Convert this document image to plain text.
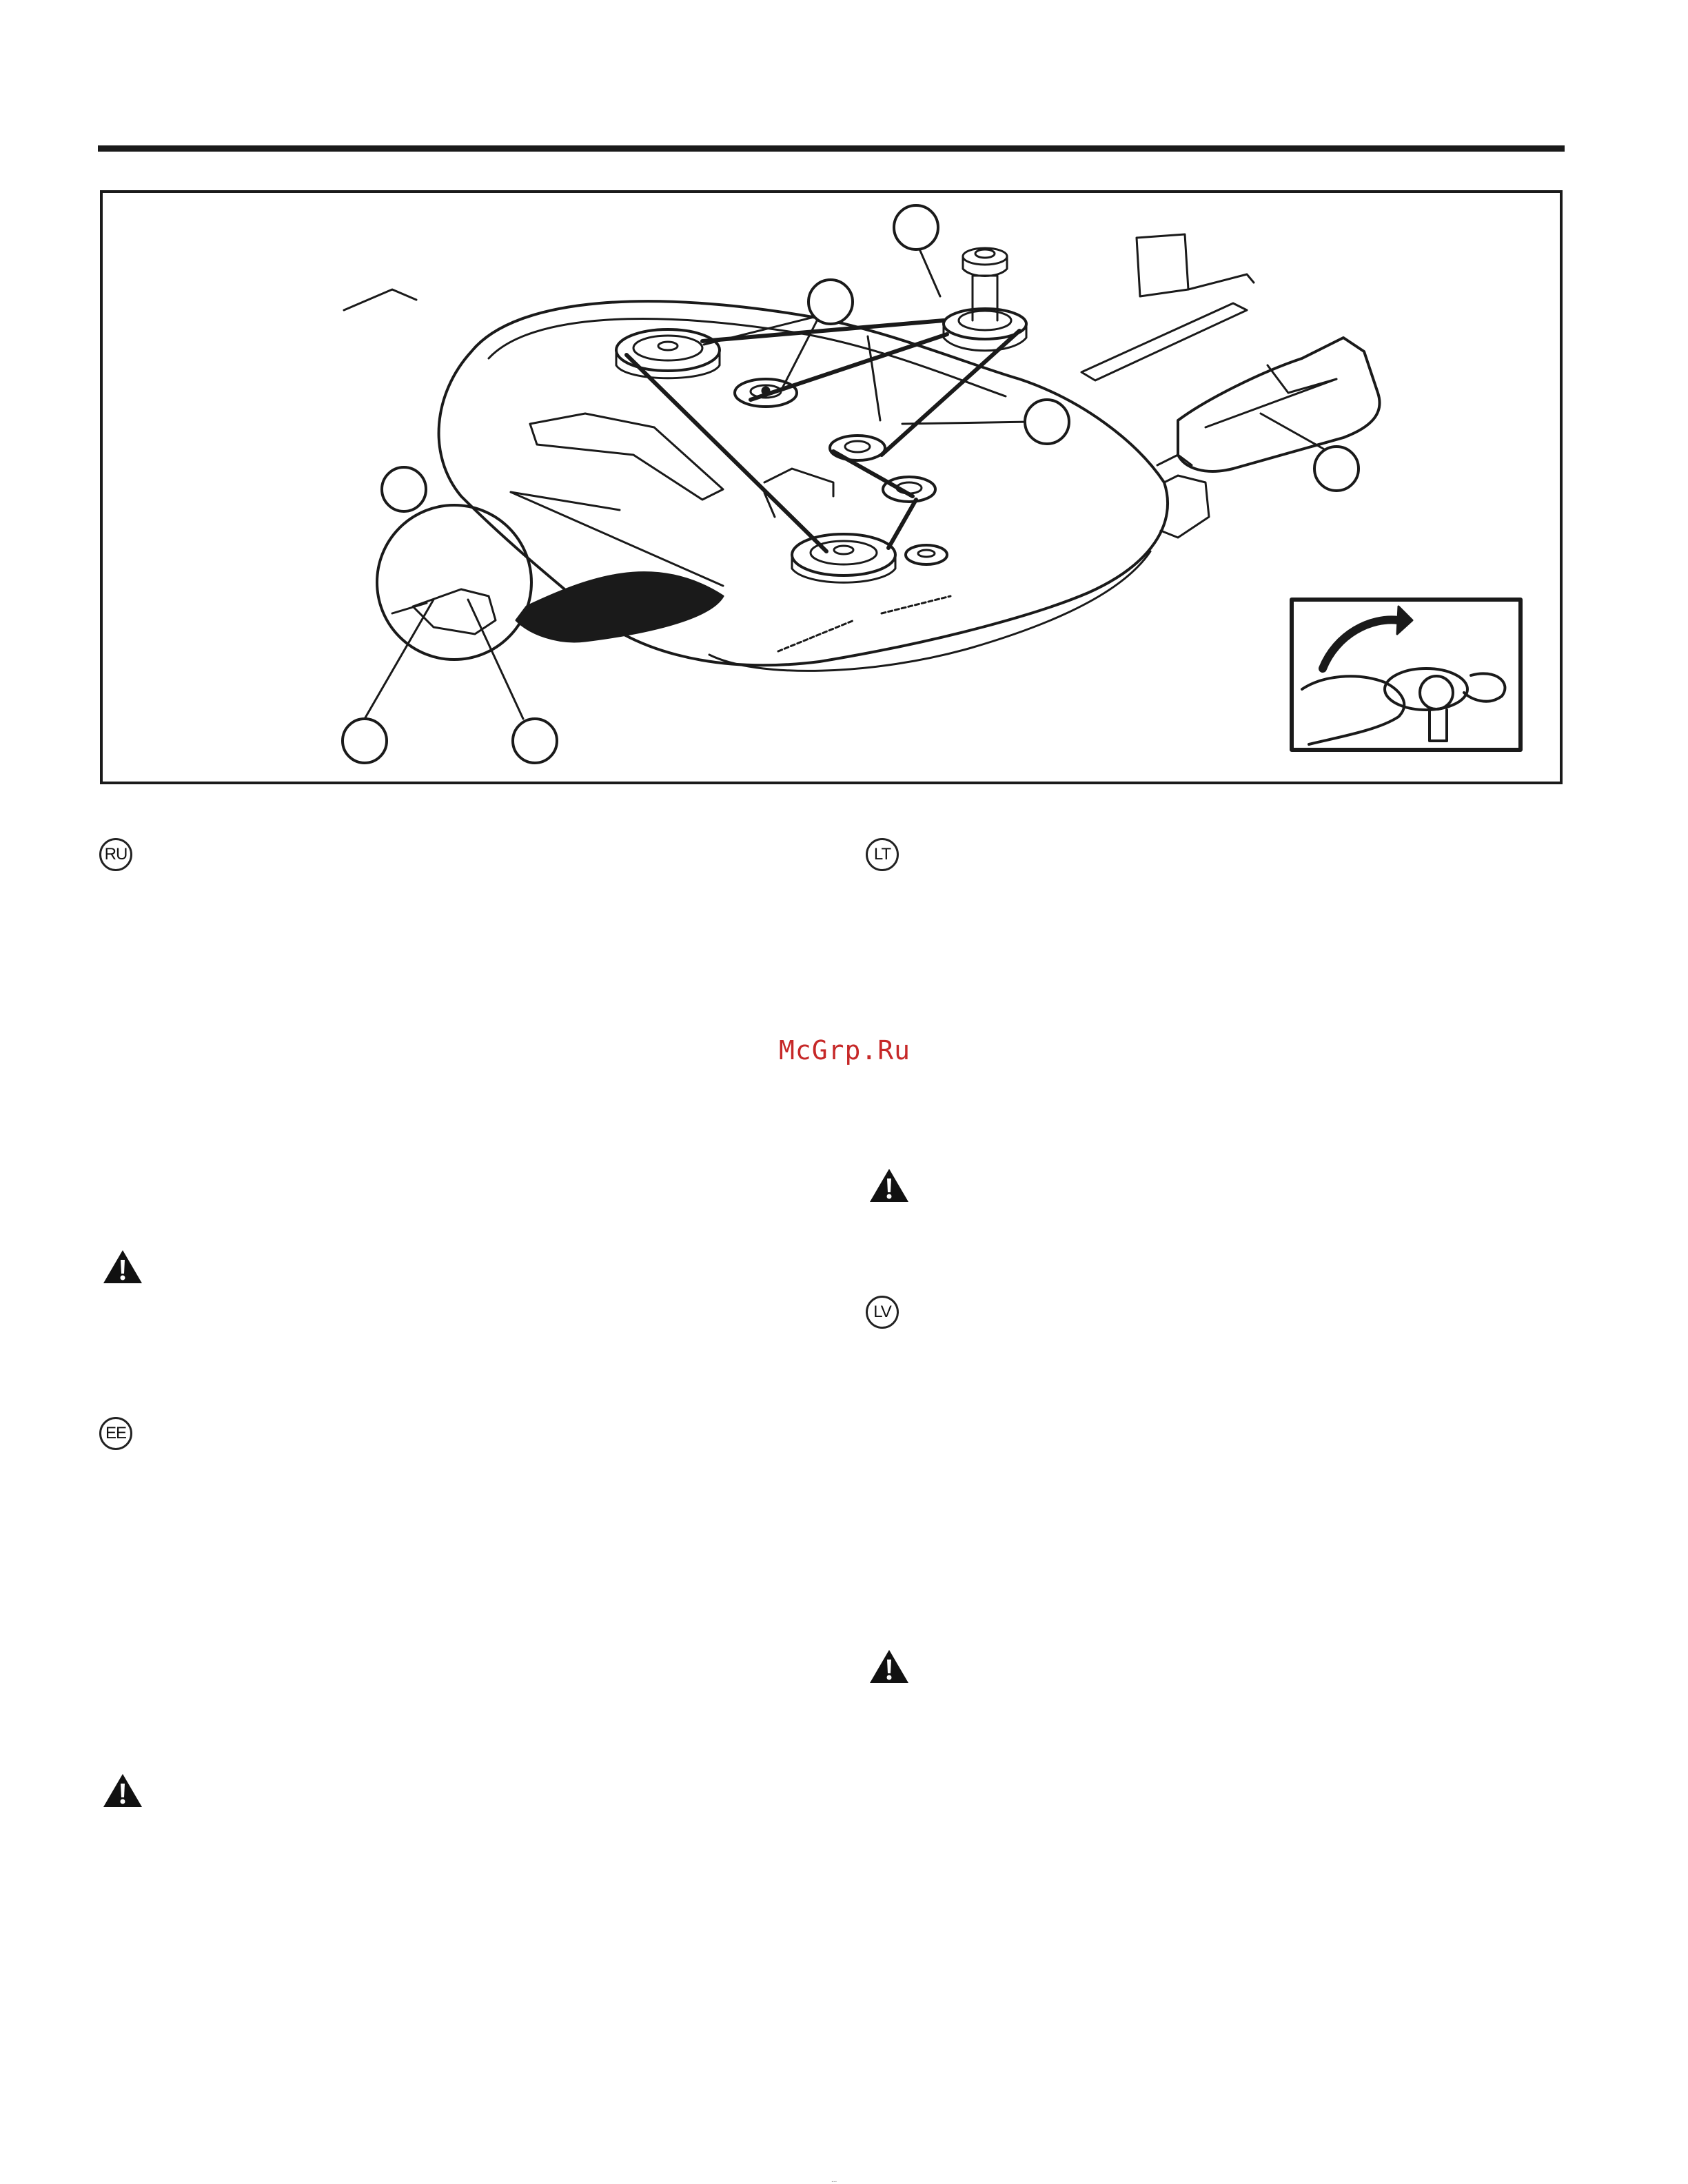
RU	LT
EE
LV
McGrp.Ru
...
